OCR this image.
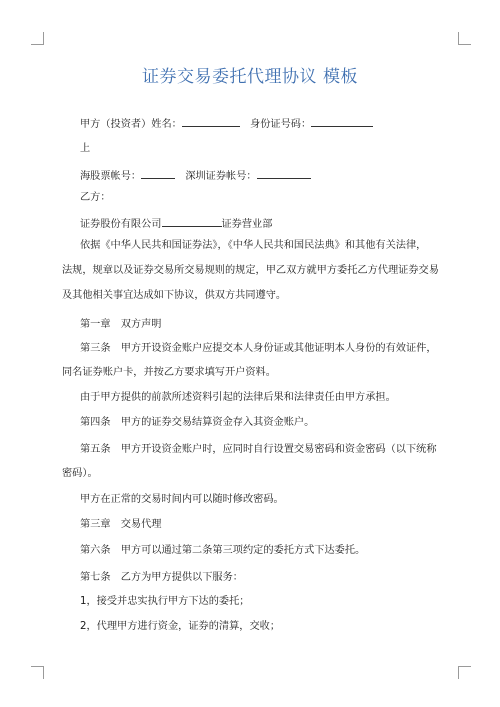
证券交易委托代理协议 模板
甲方（投资者）姓名：　	身份证号码：
上
海股票帐号：　	深圳证券帐号：
乙方：
证券股份有限公司	证券营业部
依据《中华人民共和国证券法》，《中华人民共和国民法典》和其他有关法律，
法规，规章以及证券交易所交易规则的规定，甲乙双方就甲方委托乙方代理证券交易
及其他相关事宜达成如下协议，供双方共同遵守。
第一章　双方声明
第三条　甲方开设资金账户应提交本人身份证或其他证明本人身份的有效证件，
同名证券账户卡，并按乙方要求填写开户资料。
由于甲方提供的前款所述资料引起的法律后果和法律责任由甲方承担。
第四条　甲方的证券交易结算资金存入其资金账户。
第五条　甲方开设资金账户时，应同时自行设置交易密码和资金密码（以下统称
密码）。
甲方在正常的交易时间内可以随时修改密码。
第三章　交易代理
第六条　甲方可以通过第二条第三项约定的委托方式下达委托。
第七条　乙方为甲方提供以下服务：
1，接受并忠实执行甲方下达的委托；
2，代理甲方进行资金，证券的清算，交收；
